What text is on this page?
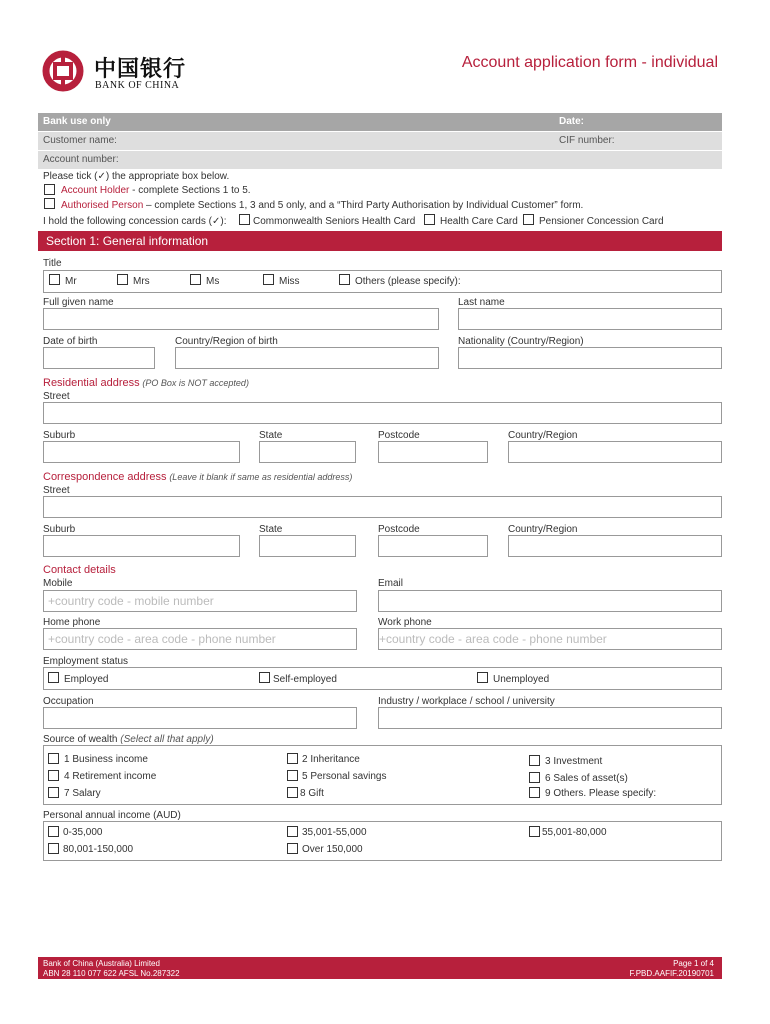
中国银行
BANK OF CHINA
Account application form - individual
Bank use only	Date:
Customer name:	CIF number:
Account number:
Please tick (✓) the appropriate box below.
Account Holder - complete Sections 1 to 5.
Authorised Person – complete Sections 1, 3 and 5 only, and a “Third Party Authorisation by Individual Customer” form.
I hold the following concession cards (✓):	Commonwealth Seniors Health Card Health Care Card Pensioner Concession Card
Section 1: General information
Title
Mr	Mrs	Ms	Miss	Others (please specify):
Full given name	Last name
Date of birth	Country/Region of birth	Nationality (Country/Region)
Residential address (PO Box is NOT accepted)
Street
Suburb	State	Postcode	Country/Region
Correspondence address (Leave it blank if same as residential address)
Street
Suburb	State	Postcode	Country/Region
Contact details
Mobile	Email
+country code - mobile number
Home phone	Work phone
+country code - area code - phone number	+country code - area code - phone number
Employment status
Employed	Self-employed	Unemployed
Occupation	Industry / workplace / school / university
Source of wealth (Select all that apply)
1 Business income	2 Inheritance	3 Investment
4 Retirement income	5 Personal savings	6 Sales of asset(s)
7 Salary	8 Gift	9 Others. Please specify:
Personal annual income (AUD)
0-35,000	35,001-55,000	55,001-80,000
80,001-150,000	Over 150,000
Bank of China (Australia) Limited
ABN 28 110 077 622 AFSL No.287322
Page 1 of 4
F.PBD.AAFIF.20190701
